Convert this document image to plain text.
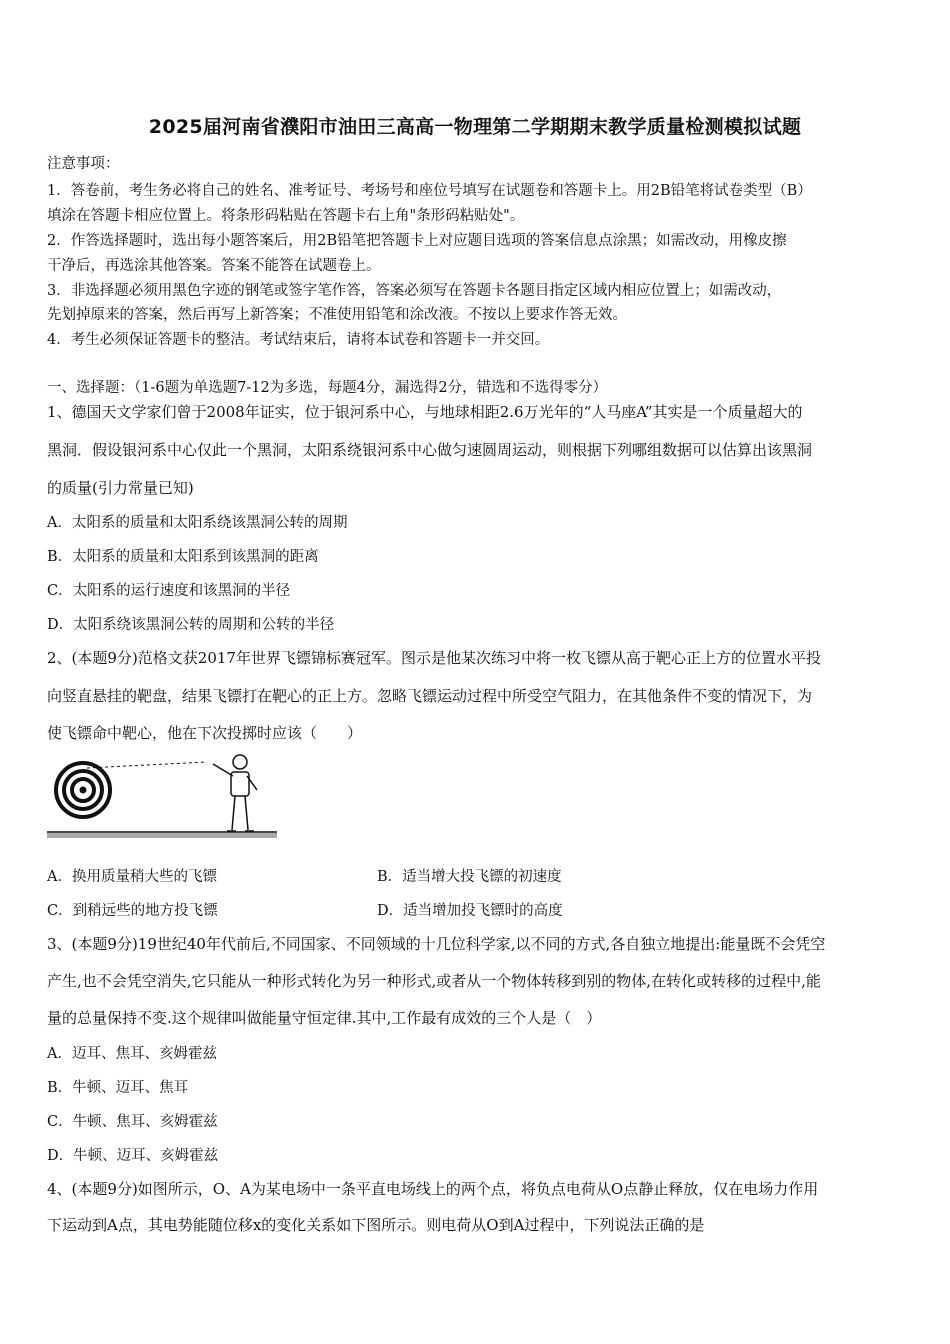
2025届河南省濮阳市油田三高高一物理第二学期期末教学质量检测模拟试题
注意事项：
1．答卷前，考生务必将自己的姓名、准考证号、考场号和座位号填写在试题卷和答题卡上。用2B铅笔将试卷类型（B）
填涂在答题卡相应位置上。将条形码粘贴在答题卡右上角"条形码粘贴处"。
2．作答选择题时，选出每小题答案后，用2B铅笔把答题卡上对应题目选项的答案信息点涂黑；如需改动，用橡皮擦
干净后，再选涂其他答案。答案不能答在试题卷上。
3．非选择题必须用黑色字迹的钢笔或签字笔作答，答案必须写在答题卡各题目指定区域内相应位置上；如需改动，
先划掉原来的答案，然后再写上新答案；不准使用铅笔和涂改液。不按以上要求作答无效。
4．考生必须保证答题卡的整洁。考试结束后，请将本试卷和答题卡一并交回。
一、选择题：（1-6题为单选题7-12为多选，每题4分，漏选得2分，错选和不选得零分）
1、德国天文学家们曾于2008年证实，位于银河系中心，与地球相距2.6万光年的“人马座A”其实是一个质量超大的
黑洞．假设银河系中心仅此一个黑洞，太阳系绕银河系中心做匀速圆周运动，则根据下列哪组数据可以估算出该黑洞
的质量(引力常量已知)
A．太阳系的质量和太阳系绕该黑洞公转的周期
B．太阳系的质量和太阳系到该黑洞的距离
C．太阳系的运行速度和该黑洞的半径
D．太阳系绕该黑洞公转的周期和公转的半径
2、(本题9分)范格文获2017年世界飞镖锦标赛冠军。图示是他某次练习中将一枚飞镖从高于靶心正上方的位置水平投
向竖直悬挂的靶盘，结果飞镖打在靶心的正上方。忽略飞镖运动过程中所受空气阻力，在其他条件不变的情况下，为
使飞镖命中靶心，他在下次投掷时应该（　　）
A．换用质量稍大些的飞镖	B．适当增大投飞镖的初速度
C．到稍远些的地方投飞镖	D．适当增加投飞镖时的高度
3、(本题9分)19世纪40年代前后,不同国家、不同领域的十几位科学家,以不同的方式,各自独立地提出:能量既不会凭空
产生,也不会凭空消失,它只能从一种形式转化为另一种形式,或者从一个物体转移到别的物体,在转化或转移的过程中,能
量的总量保持不变.这个规律叫做能量守恒定律.其中,工作最有成效的三个人是（　）
A．迈耳、焦耳、亥姆霍兹
B．牛顿、迈耳、焦耳
C．牛顿、焦耳、亥姆霍兹
D．牛顿、迈耳、亥姆霍兹
4、(本题9分)如图所示，O、A为某电场中一条平直电场线上的两个点，将负点电荷从O点静止释放，仅在电场力作用
下运动到A点，其电势能随位移x的变化关系如下图所示。则电荷从O到A过程中，下列说法正确的是
